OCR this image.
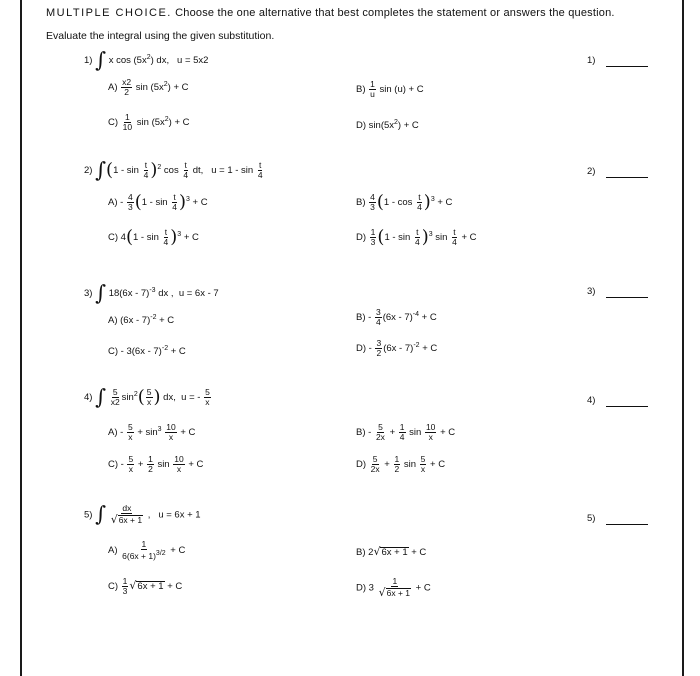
MULTIPLE CHOICE. Choose the one alternative that best completes the statement or answers the question.
Evaluate the integral using the given substitution.
1) ∫ x $\cos (5x^2)$ dx, u = 5x2	1)
$A) \frac{x2}{2}$ $\sin (5x^2) + C$	$B) \frac{1}{u}$ sin (u) + C
$C) \frac{1}{10}$ $\sin (5x^2) + C$	D) $\sin(5x^2) + C$
2) $\int(1 - \sin \frac{t}{4} )^2$ $\cos \frac{t}{4}$ dt, $u = 1 - \sin \frac{t}{4}$	2)
$A) - \frac{4}{3} (1 - \sin \frac{t}{4} )^3 + C$	$B) \frac{4}{3} (1 - \cos \frac{t}{4} )^3 + C$
C) $4(1 - \sin \frac{t}{4} )^3 + C$	$D) \frac{1}{3} (1$ - $\sin \frac{t}{4} )^3$ $\sin \frac{t}{4} + C$
3) ∫ 18(6x - 7)$^{-3}$ dx , u = 6x - 7	3)
A) (6x - 7)$^{-2}$ + C	$B) - \frac{3}{4} (6x - 7)^{-4} + C$
C) - 3(6x - 7)$^{-2}$ + C	$D) - \frac{3}{2} (6x - 7)^{-2} + C$
4) ∫ $\frac{5}{x2} \sin^2( \frac{5}{x}$ ) dx, u = - $\frac{5}{x}$	4)
$A) - \frac{5}{x} + \sin^3 \frac{10}{x} + C$	$B) - \frac{5}{2x} + \frac{1}{4}$ $\sin \frac{10}{x} + C$
$C) - \frac{5}{x} + \frac{1}{2}$ $\sin \frac{10}{x} + C$	$D) \frac{5}{2x} + \frac{1}{2}$ $\sin \frac{5}{x} + C$
5) ∫ $\frac{dx}{√6x + 1}$ , u = 6x + 1	5)
$A) \frac{1}{6(6x + 1)^{3/2}} + C$	B) 2√6x + 1 + C
$C) \frac{1}{3} √6x + 1 + C$	D) $3 \frac{1}{√6x + 1} + C$
